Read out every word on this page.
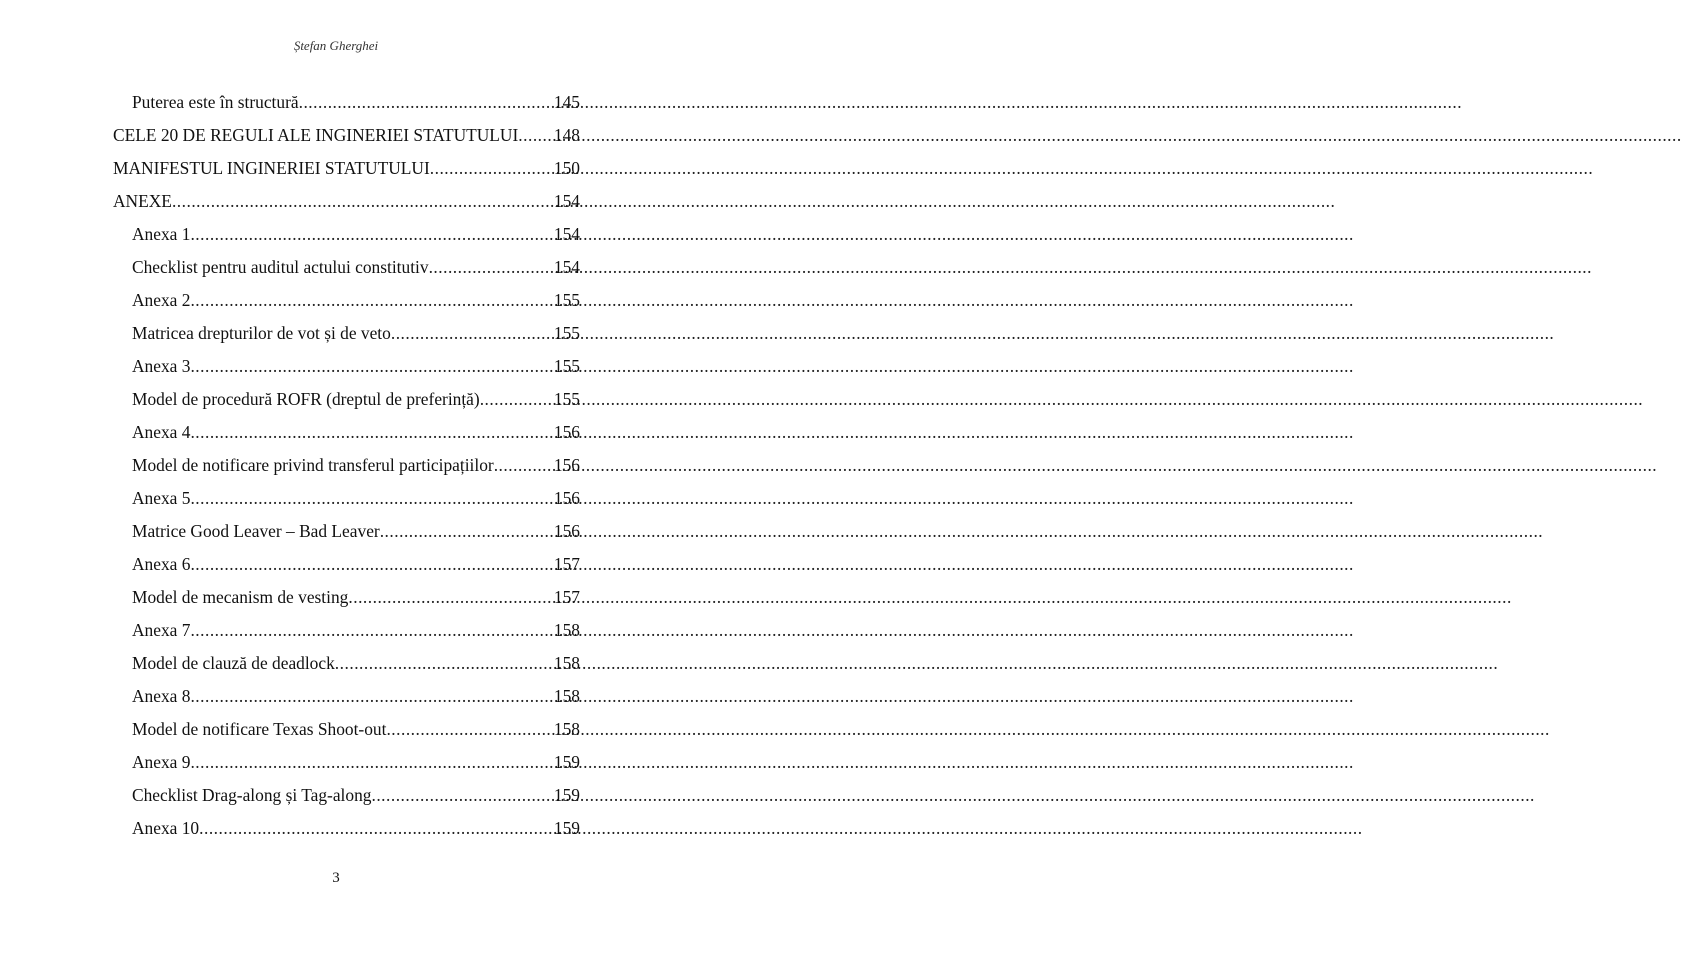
Ștefan Gherghei
Puterea este în structură .....	145
CELE 20 DE REGULI ALE INGINERIEI STATUTULUI ..... 148
MANIFESTUL INGINERIEI STATUTULUI .....	150
ANEXE .....	154
Anexa 1 .....	154
Checklist pentru auditul actului constitutiv .....	154
Anexa 2 .....	155
Matricea drepturilor de vot și de veto .....	155
Anexa 3 .....	155
Model de procedură ROFR (dreptul de preferință) .....	155
Anexa 4 .....	156
Model de notificare privind transferul participațiilor .....	156
Anexa 5 .....	156
Matrice Good Leaver – Bad Leaver .....	156
Anexa 6 .....	157
Model de mecanism de vesting .....	157
Anexa 7 .....	158
Model de clauză de deadlock .....	158
Anexa 8 .....	158
Model de notificare Texas Shoot-out .....	158
Anexa 9 .....	159
Checklist Drag-along și Tag-along .....	159
Anexa 10 .....	159
3
